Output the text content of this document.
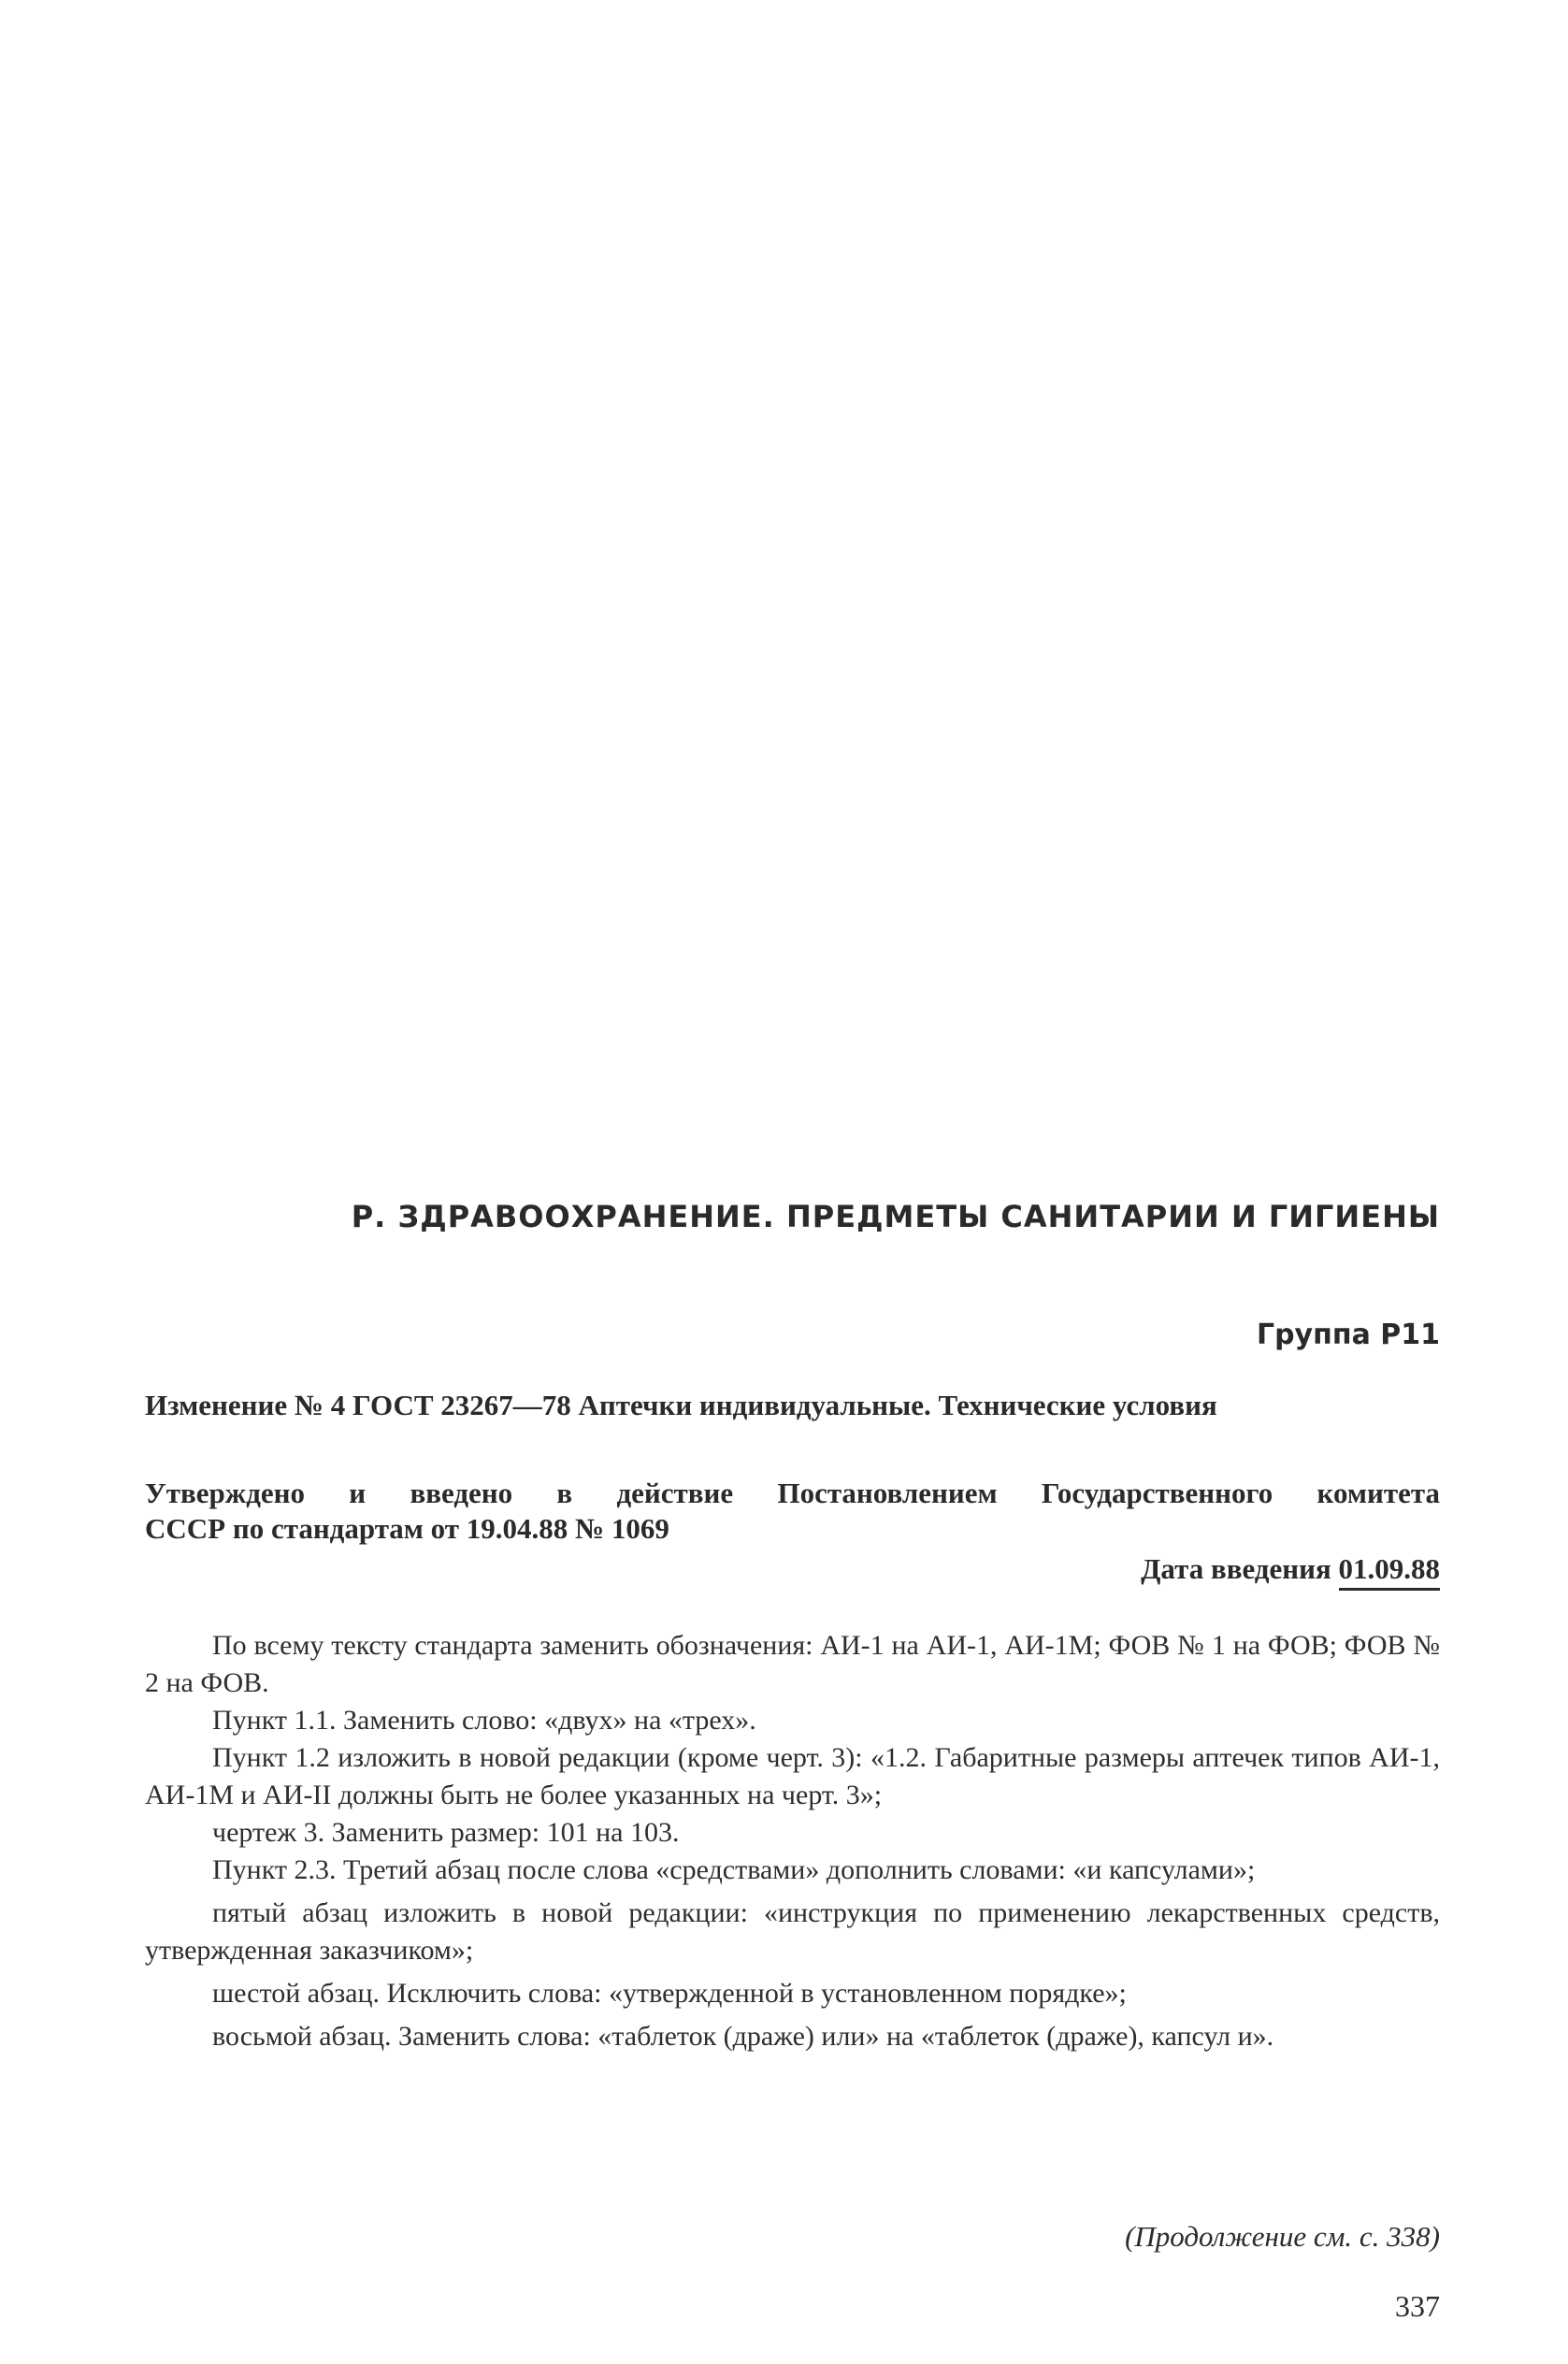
Р. ЗДРАВООХРАНЕНИЕ. ПРЕДМЕТЫ САНИТАРИИ И ГИГИЕНЫ
Группа Р11
Изменение № 4 ГОСТ 23267—78 Аптечки индивидуальные. Технические условия
Утверждено и введено в действие Постановлением Государственного комитета
СССР по стандартам от 19.04.88 № 1069
Дата введения 01.09.88

По всему тексту стандарта заменить обозначения: АИ-1 на АИ-1, АИ-1М; ФОВ № 1 на ФОВ; ФОВ № 2 на ФОВ.

Пункт 1.1. Заменить слово: «двух» на «трех».

Пункт 1.2 изложить в новой редакции (кроме черт. 3): «1.2. Габаритные размеры аптечек типов АИ-1, АИ-1М и АИ-II должны быть не более указанных на черт. 3»;

чертеж 3. Заменить размер: 101 на 103.

Пункт 2.3. Третий абзац после слова «средствами» дополнить словами: «и капсулами»;

пятый абзац изложить в новой редакции: «инструкция по применению лекарственных средств, утвержденная заказчиком»;

шестой абзац. Исключить слова: «утвержденной в установленном порядке»;

восьмой абзац. Заменить слова: «таблеток (драже) или» на «таблеток (драже), капсул и».

(Продолжение см. с. 338)
337
